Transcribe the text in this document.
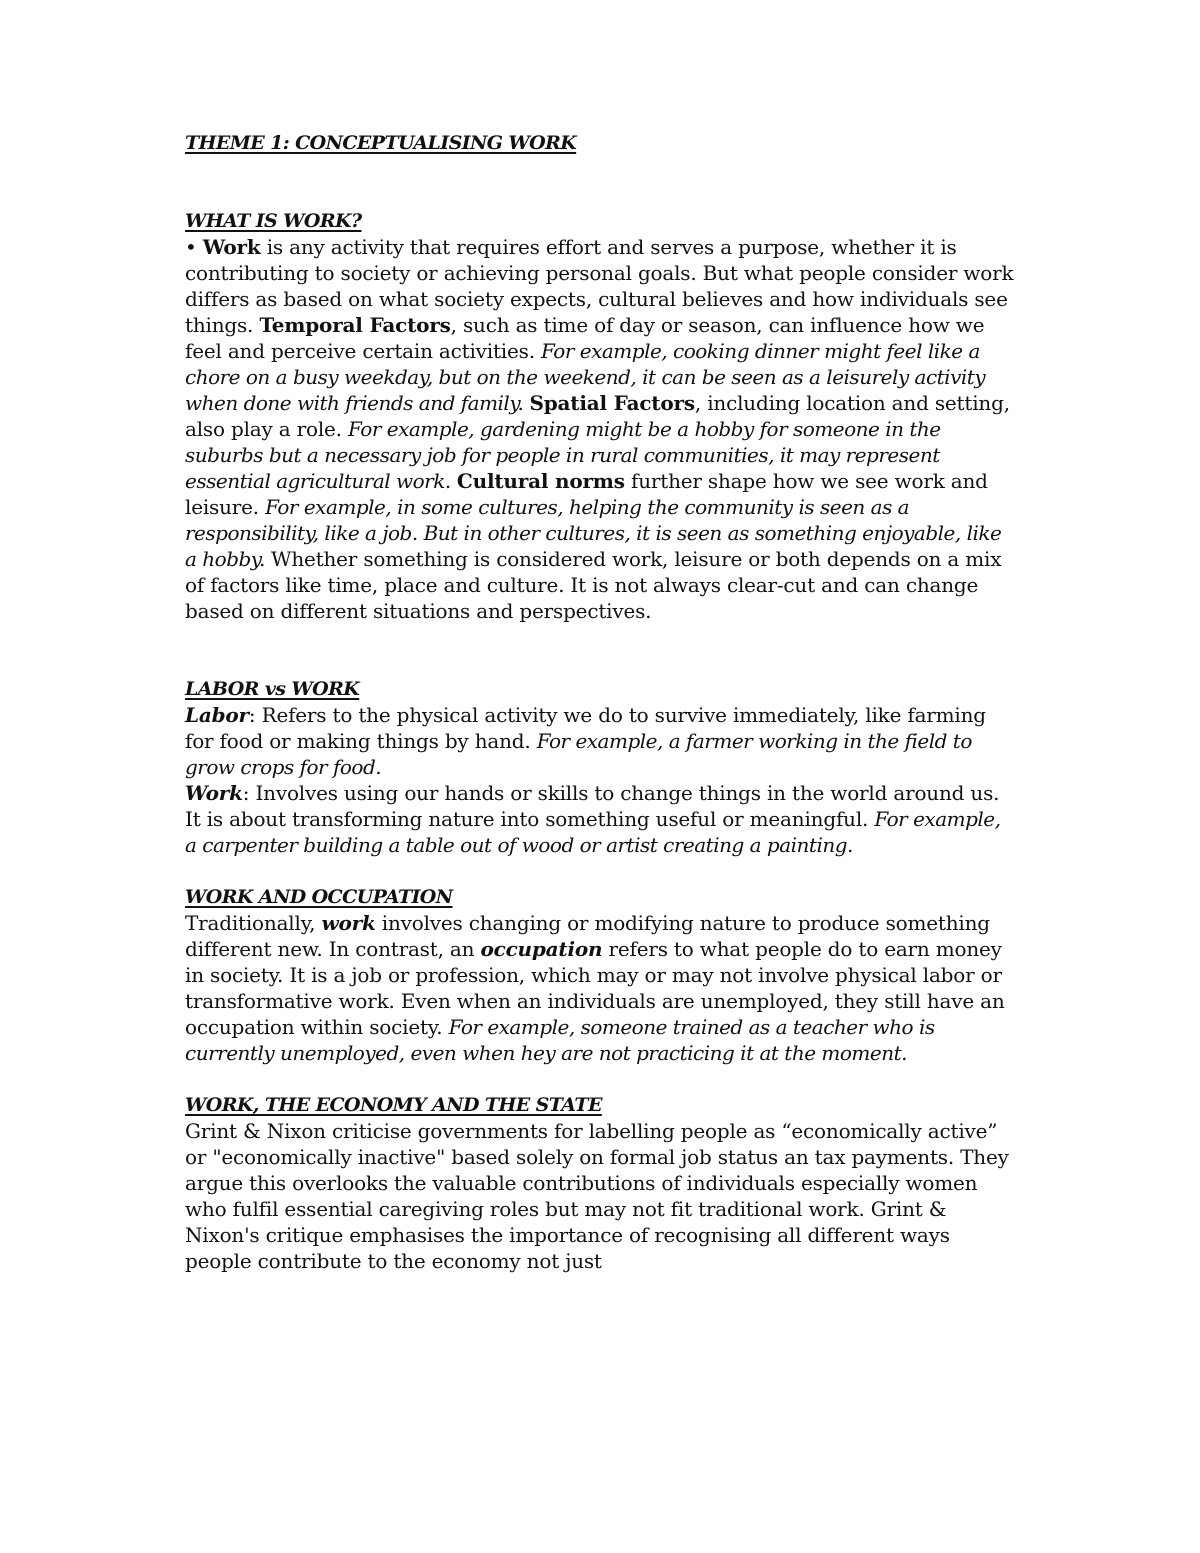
THEME 1: CONCEPTUALISING WORK
WHAT IS WORK?

• Work is any activity that requires effort and serves a purpose, whether it is contributing to society or achieving personal goals. But what people consider work differs as based on what society expects, cultural believes and how individuals see things. Temporal Factors, such as time of day or season, can influence how we feel and perceive certain activities. For example, cooking dinner might feel like a chore on a busy weekday, but on the weekend, it can be seen as a leisurely activity when done with friends and family. Spatial Factors, including location and setting, also play a role. For example, gardening might be a hobby for someone in the suburbs but a necessary job for people in rural communities, it may represent essential agricultural work. Cultural norms further shape how we see work and leisure. For example, in some cultures, helping the community is seen as a responsibility, like a job. But in other cultures, it is seen as something enjoyable, like a hobby. Whether something is considered work, leisure or both depends on a mix of factors like time, place and culture. It is not always clear-cut and can change based on different situations and perspectives.

LABOR vs WORK

Labor: Refers to the physical activity we do to survive immediately, like farming for food or making things by hand. For example, a farmer working in the field to grow crops for food.

Work: Involves using our hands or skills to change things in the world around us. It is about transforming nature into something useful or meaningful. For example, a carpenter building a table out of wood or artist creating a painting.

WORK AND OCCUPATION

Traditionally, work involves changing or modifying nature to produce something different new. In contrast, an occupation refers to what people do to earn money in society. It is a job or profession, which may or may not involve physical labor or transformative work. Even when an individuals are unemployed, they still have an occupation within society. For example, someone trained as a teacher who is currently unemployed, even when hey are not practicing it at the moment.

WORK, THE ECONOMY AND THE STATE

Grint & Nixon criticise governments for labelling people as “economically active” or "economically inactive" based solely on formal job status an tax payments. They argue this overlooks the valuable contributions of individuals especially women who fulfil essential caregiving roles but may not fit traditional work. Grint & Nixon's critique emphasises the importance of recognising all different ways people contribute to the economy not just
